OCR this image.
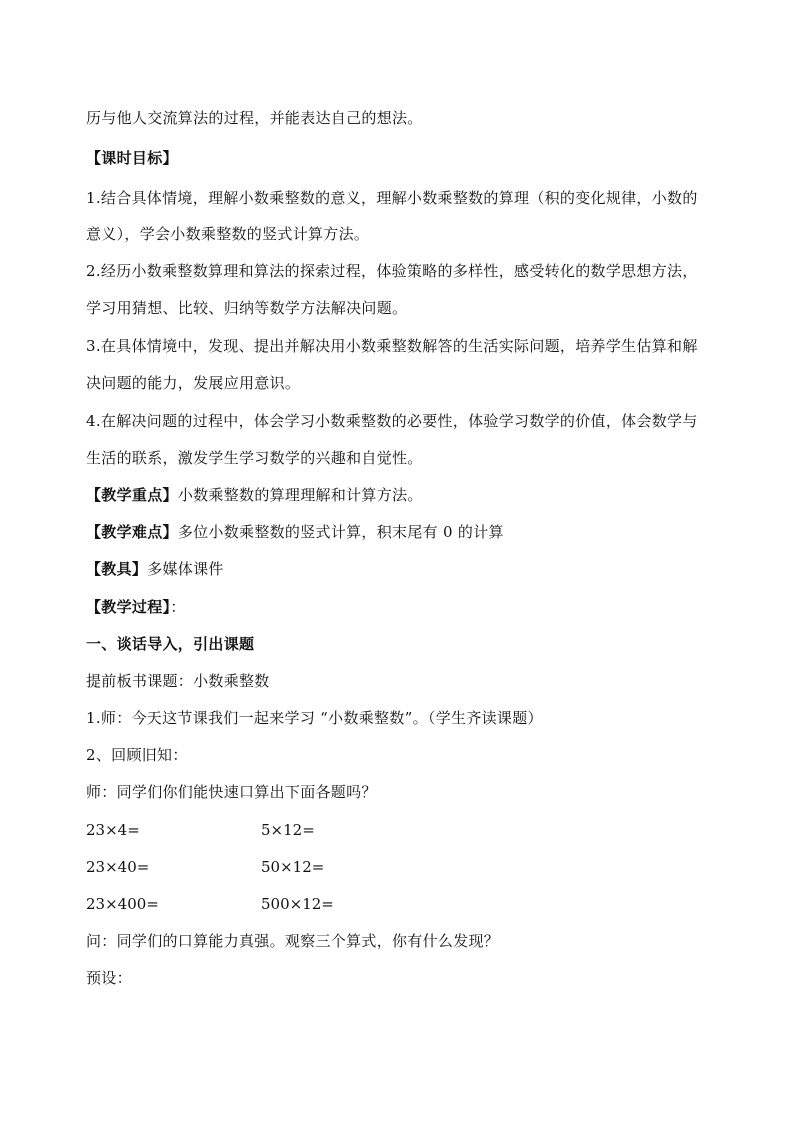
历与他人交流算法的过程，并能表达自己的想法。
【课时目标】
1.结合具体情境，理解小数乘整数的意义，理解小数乘整数的算理（积的变化规律，小数的
意义），学会小数乘整数的竖式计算方法。
2.经历小数乘整数算理和算法的探索过程，体验策略的多样性，感受转化的数学思想方法，
学习用猜想、比较、归纳等数学方法解决问题。
3.在具体情境中，发现、提出并解决用小数乘整数解答的生活实际问题，培养学生估算和解
决问题的能力，发展应用意识。
4.在解决问题的过程中，体会学习小数乘整数的必要性，体验学习数学的价值，体会数学与
生活的联系，激发学生学习数学的兴趣和自觉性。
【教学重点】小数乘整数的算理理解和计算方法。
【教学难点】多位小数乘整数的竖式计算，积末尾有 0 的计算
【教具】多媒体课件
【教学过程】：
一、谈话导入，引出课题
提前板书课题：小数乘整数
1.师：今天这节课我们一起来学习 “小数乘整数”。（学生齐读课题）
2、回顾旧知：
师：同学们你们能快速口算出下面各题吗？
23×4=	5×12=
23×40=	50×12=
23×400=	500×12=
问：同学们的口算能力真强。观察三个算式，你有什么发现？
预设：
